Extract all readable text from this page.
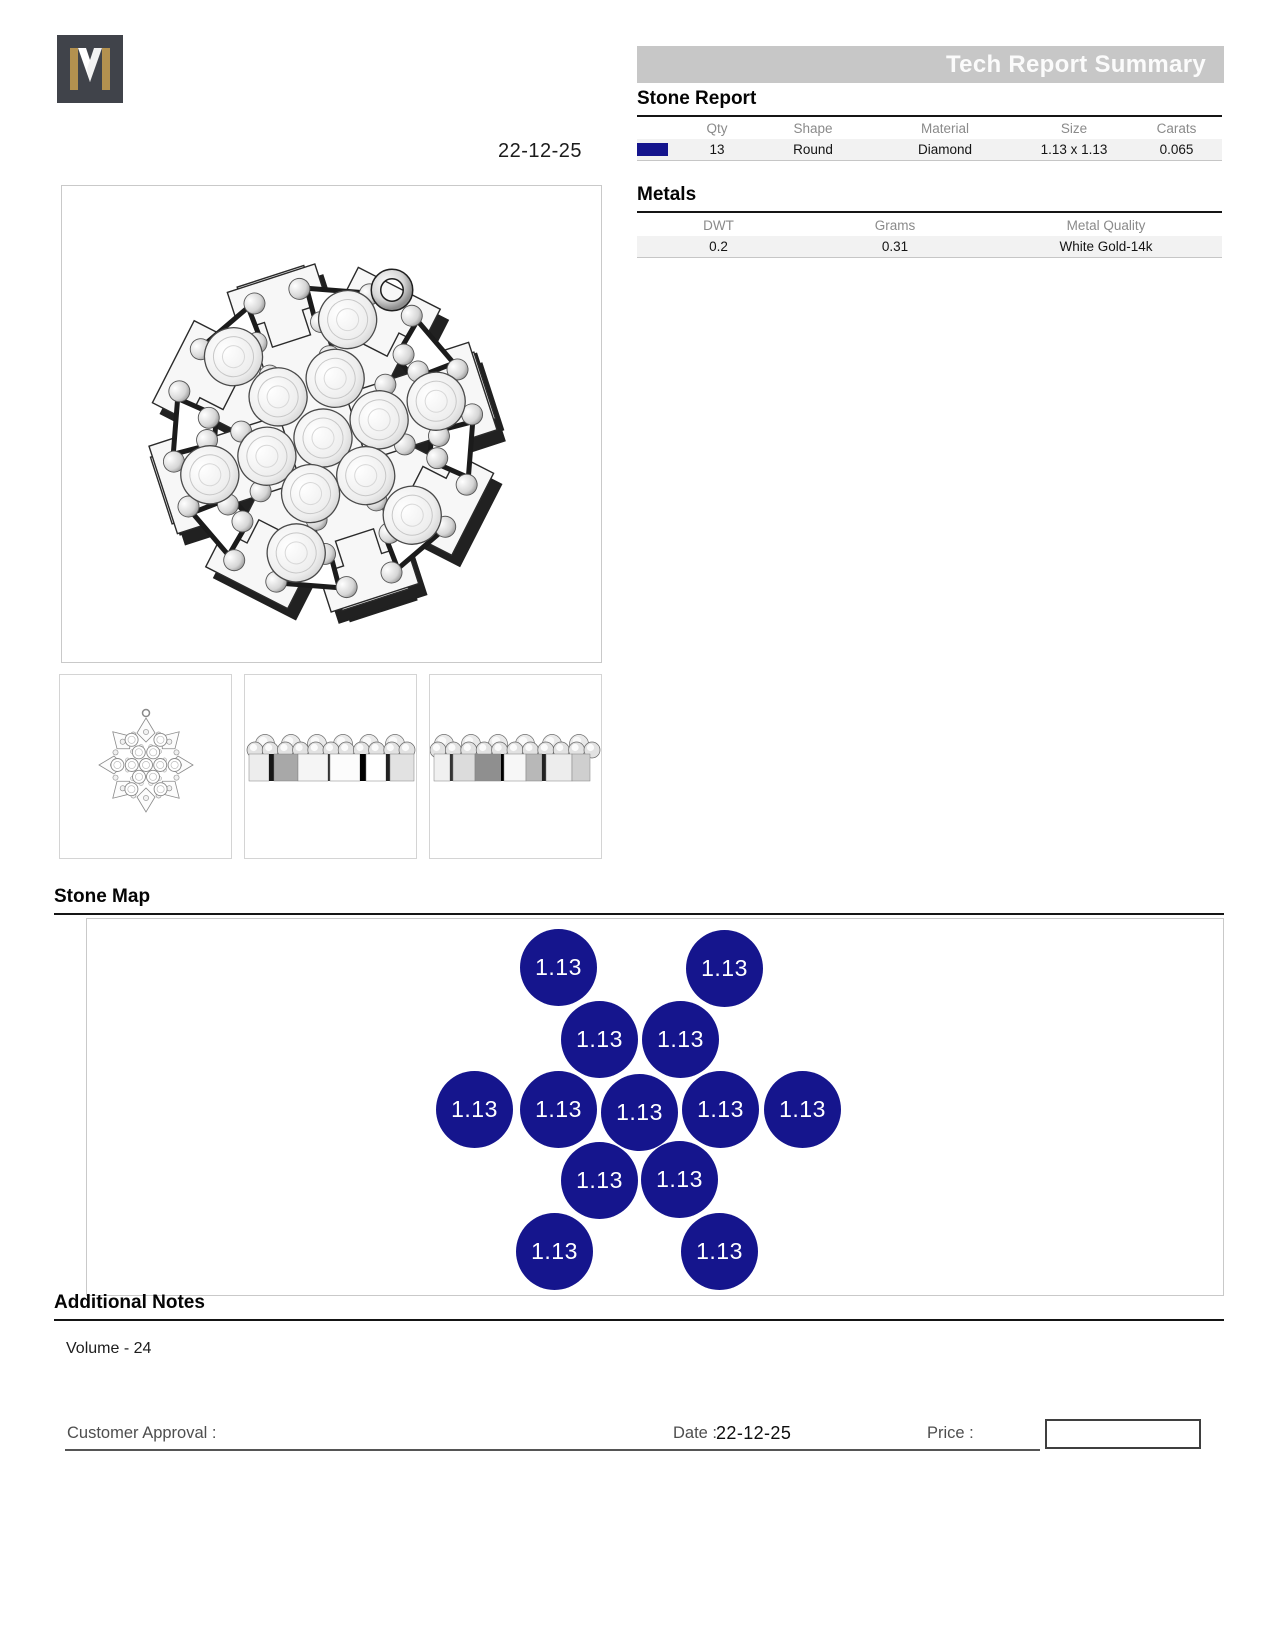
22-12-25
Tech Report Summary
Stone Report
Qty	Shape	Material	Size	Carats
13	Round	Diamond	1.13 x 1.13	0.065
Metals
DWT	Grams	Metal Quality
0.2	0.31	White Gold-14k
Stone Map
1.13	1.13
1.13	1.13
1.13	1.13	1.13	1.13	1.13
1.13	1.13
1.13	1.13
Additional Notes
Volume - 24
Customer Approval :	Date :
22-12-25	Price :
